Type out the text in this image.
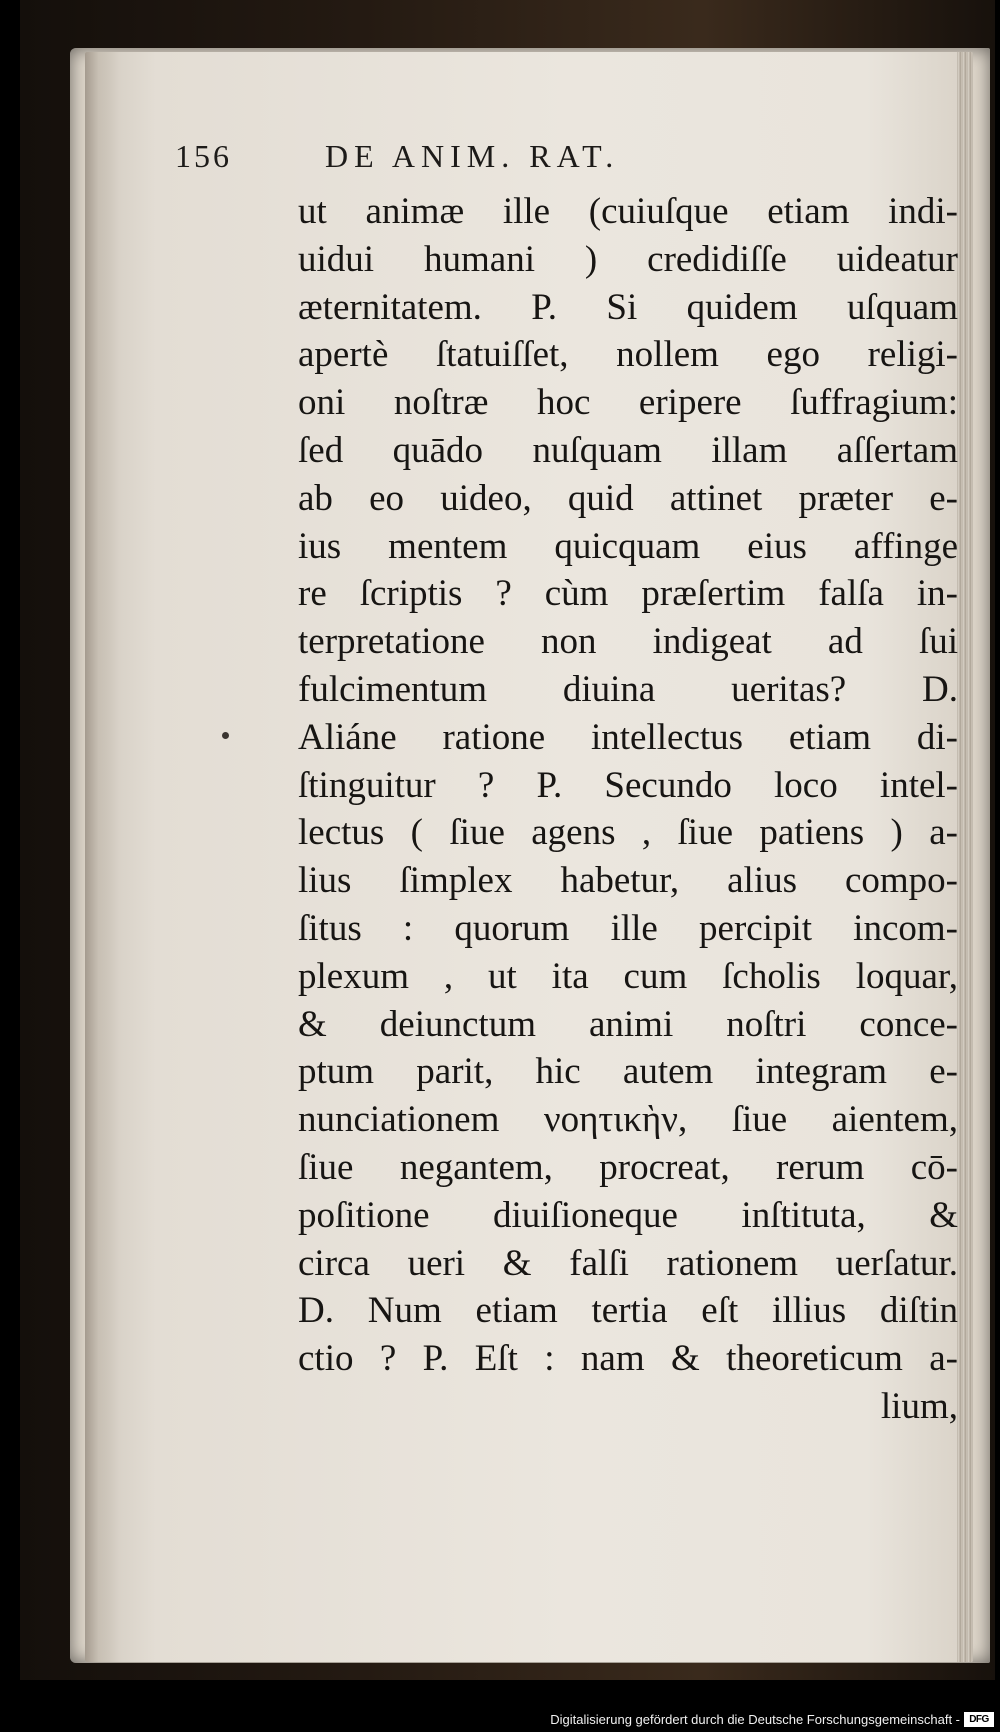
156	DE ANIM. RAT.
ut animæ ille (cuiuſque etiam indi-
uidui humani ) credidiſſe uideatur
æternitatem. P. Si quidem uſquam
apertè ſtatuiſſet, nollem ego religi-
oni noſtræ hoc eripere ſuffragium:
ſed quādo nuſquam illam aſſertam
ab eo uideo, quid attinet præter e-
ius mentem quicquam eius affinge
re ſcriptis ? cùm præſertim falſa in-
terpretatione non indigeat ad ſui
fulcimentum diuina ueritas? D.
Aliáne ratione intellectus etiam di-
ſtinguitur ? P. Secundo loco intel-
lectus ( ſiue agens , ſiue patiens ) a-
lius ſimplex habetur, alius compo-
ſitus : quorum ille percipit incom-
plexum , ut ita cum ſcholis loquar,
& deiunctum animi noſtri conce-
ptum parit, hic autem integram e-
nunciationem νοητικὴν, ſiue aientem,
ſiue negantem, procreat, rerum cō-
poſitione diuiſioneque inſtituta, &
circa ueri & falſi rationem uerſatur.
D. Num etiam tertia eſt illius diſtin
ctio ? P. Eſt : nam & theoreticum a-
lium,
Digitalisierung gefördert durch die Deutsche Forschungsgemeinschaft - DFG
